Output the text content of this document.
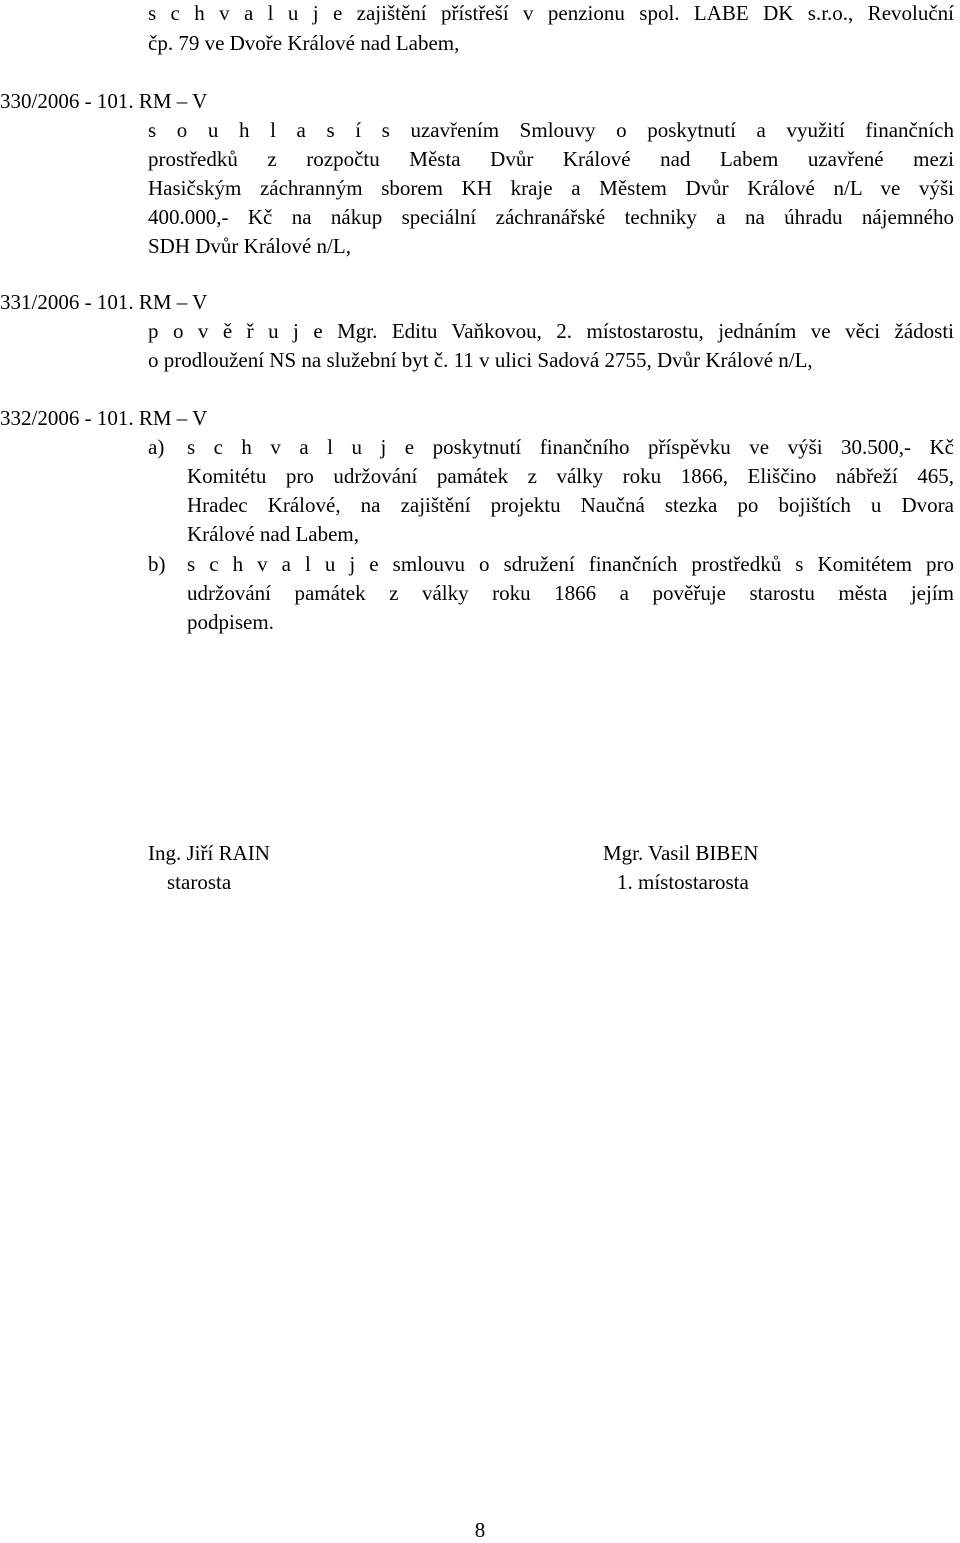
s c h v a l u j e zajištění přístřeší v penzionu spol. LABE DK s.r.o., Revoluční
čp. 79 ve Dvoře Králové nad Labem,
330/2006 - 101. RM – V
s o u h l a s í s uzavřením Smlouvy o poskytnutí a využití finančních
prostředků z rozpočtu Města Dvůr Králové nad Labem uzavřené mezi
Hasičským záchranným sborem KH kraje a Městem Dvůr Králové n/L ve výši
400.000,- Kč na nákup speciální záchranářské techniky a na úhradu nájemného
SDH Dvůr Králové n/L,
331/2006 - 101. RM – V
p o v ě ř u j e Mgr. Editu Vaňkovou, 2. místostarostu, jednáním ve věci žádosti
o prodloužení NS na služební byt č. 11 v ulici Sadová 2755, Dvůr Králové n/L,
332/2006 - 101. RM – V
a) s c h v a l u j e poskytnutí finančního příspěvku ve výši 30.500,- Kč
Komitétu pro udržování památek z války roku 1866, Eliščino nábřeží 465,
Hradec Králové, na zajištění projektu Naučná stezka po bojištích u Dvora
Králové nad Labem,
b) s c h v a l u j e smlouvu o sdružení finančních prostředků s Komitétem pro
udržování památek z války roku 1866 a pověřuje starostu města jejím
podpisem.
Ing. Jiří RAIN
starosta
Mgr. Vasil BIBEN
1. místostarosta
8
